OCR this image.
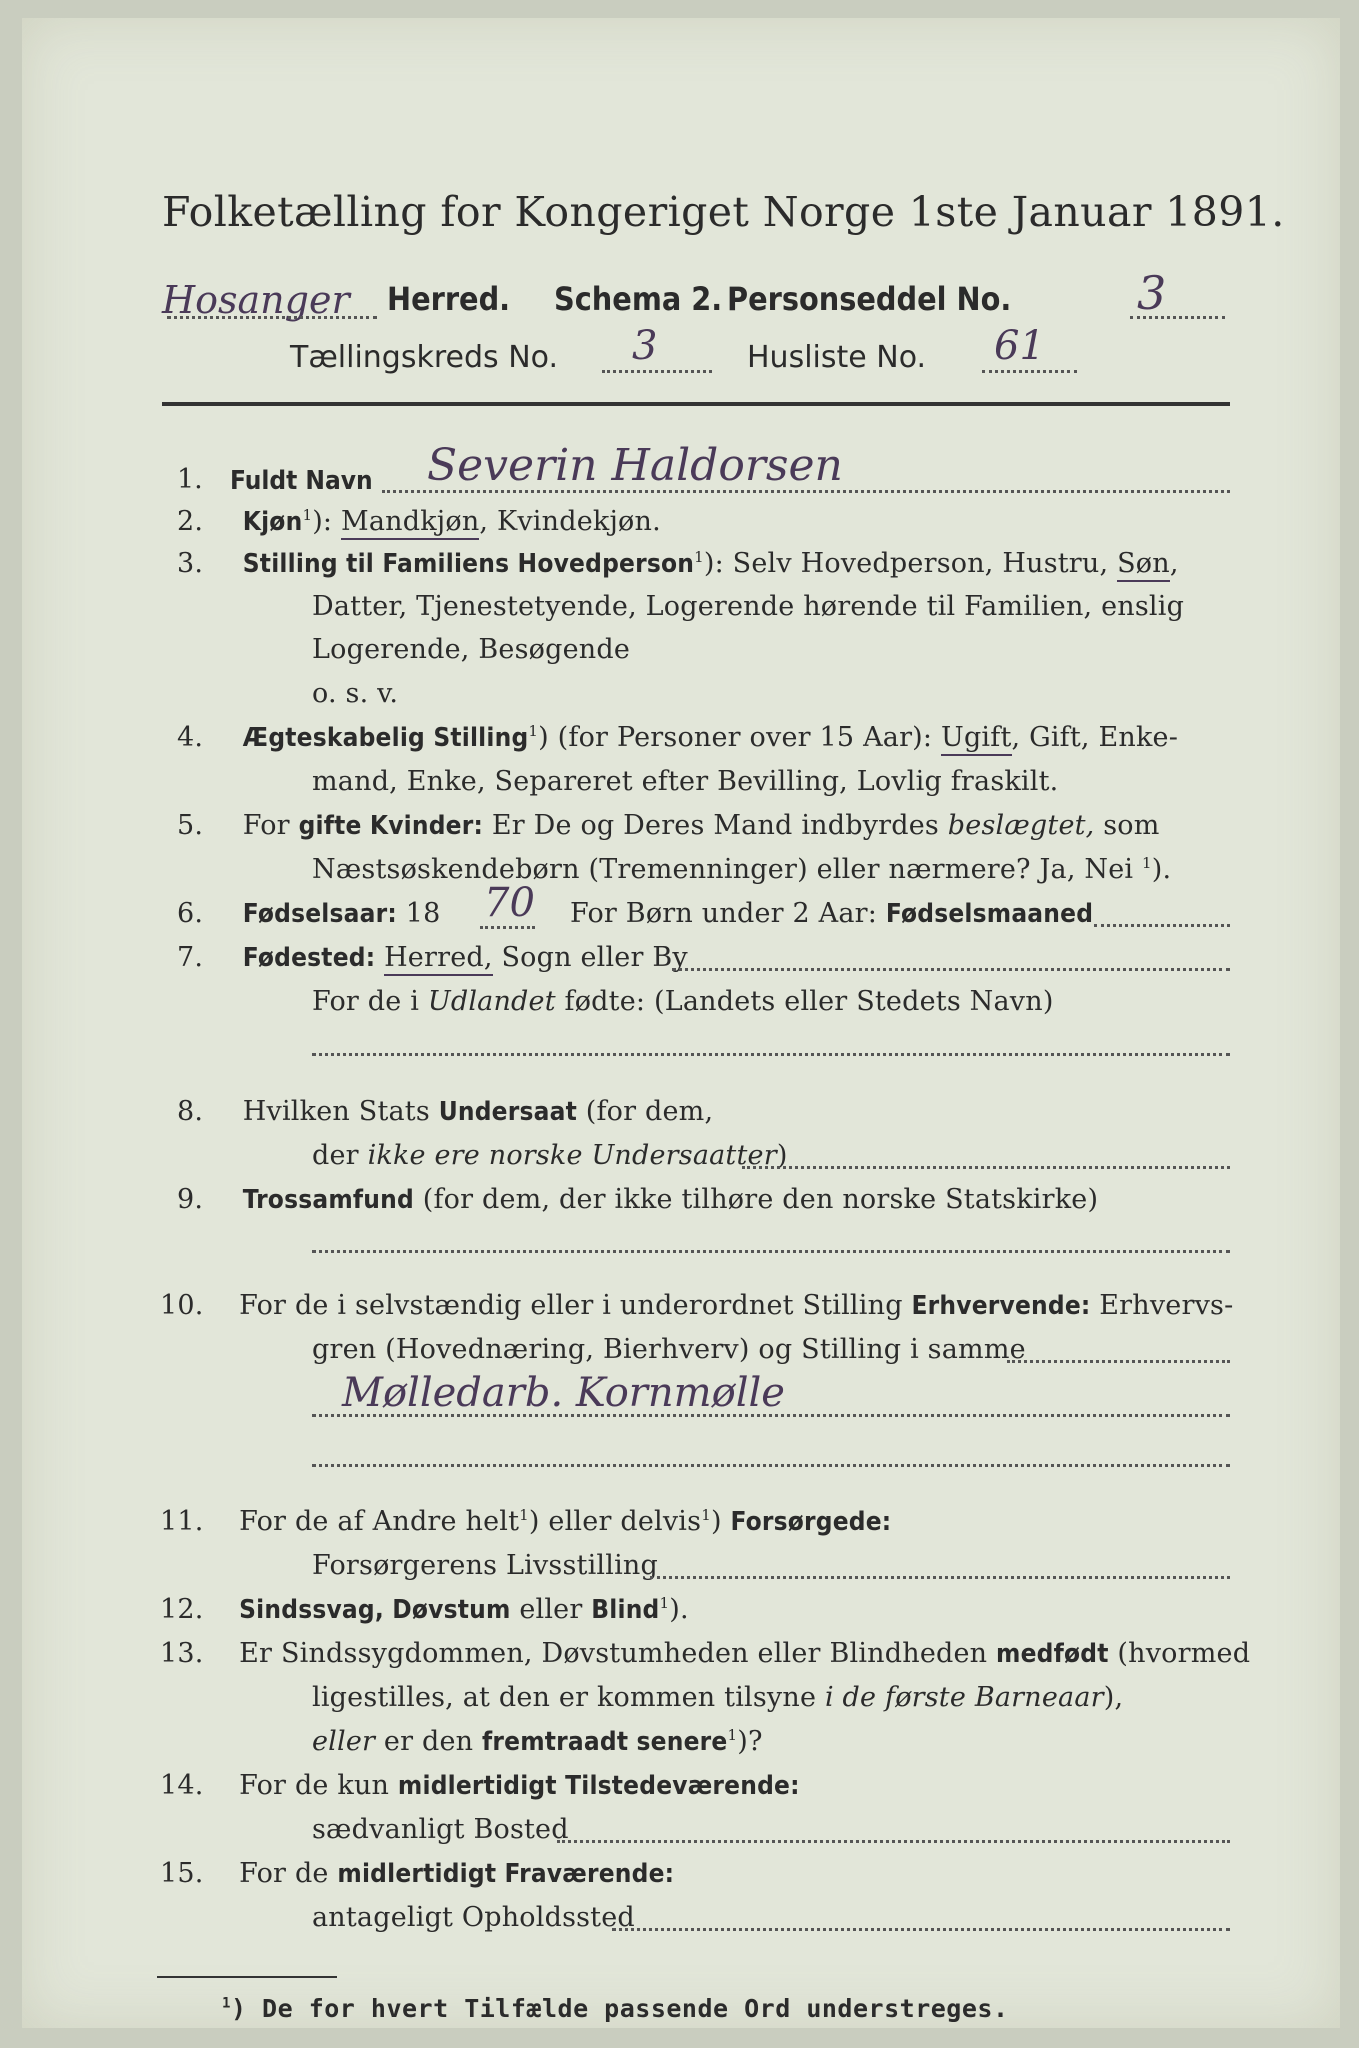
Folketælling for Kongeriget Norge 1ste Januar 1891.
Hosanger Herred. Schema 2. Personseddel No.	3
Tællingskreds No. 3	Husliste No. 61
1. Fuldt Navn Severin Haldorsen
2. Kjøn$^1$): Mandkjøn, Kvindekjøn.
3. Stilling til Familiens Hovedperson$^1$): Selv Hovedperson, Hustru, Søn,
Datter, Tjenestetyende, Logerende hørende til Familien, enslig
Logerende, Besøgende
o. s. v.
4. Ægteskabelig Stilling$^1$) (for Personer over 15 Aar): Ugift, Gift, Enke-
mand, Enke, Separeret efter Bevilling, Lovlig fraskilt.
5. For gifte Kvinder: Er De og Deres Mand indbyrdes beslægtet, som
Næstsøskendebørn (Tremenninger) eller nærmere? Ja, Nei $^1$).
6. Fødselsaar: 18 70 For Børn under 2 Aar: Fødselsmaaned
7. Fødested: Herred, Sogn eller By
For de i Udlandet fødte: (Landets eller Stedets Navn)
8. Hvilken Stats Undersaat (for dem,
der ikke ere norske Undersaatter)
9. Trossamfund (for dem, der ikke tilhøre den norske Statskirke)
10. For de i selvstændig eller i underordnet Stilling Erhvervende: Erhvervs-
gren (Hovednæring, Bierhverv) og Stilling i samme
Mølledarb. Kornmølle
11. For de af Andre helt$^1$) eller delvis$^1$) Forsørgede:
Forsørgerens Livsstilling
12. Sindssvag, Døvstum eller Blind$^1$).
13. Er Sindssygdommen, Døvstumheden eller Blindheden medfødt (hvormed
ligestilles, at den er kommen tilsyne i de første Barneaar),
eller er den fremtraadt senere$^1$)?
14. For de kun midlertidigt Tilstedeværende:
sædvanligt Bosted
15. For de midlertidigt Fraværende:
antageligt Opholdssted
$^1$) De for hvert Tilfælde passende Ord understreges.
